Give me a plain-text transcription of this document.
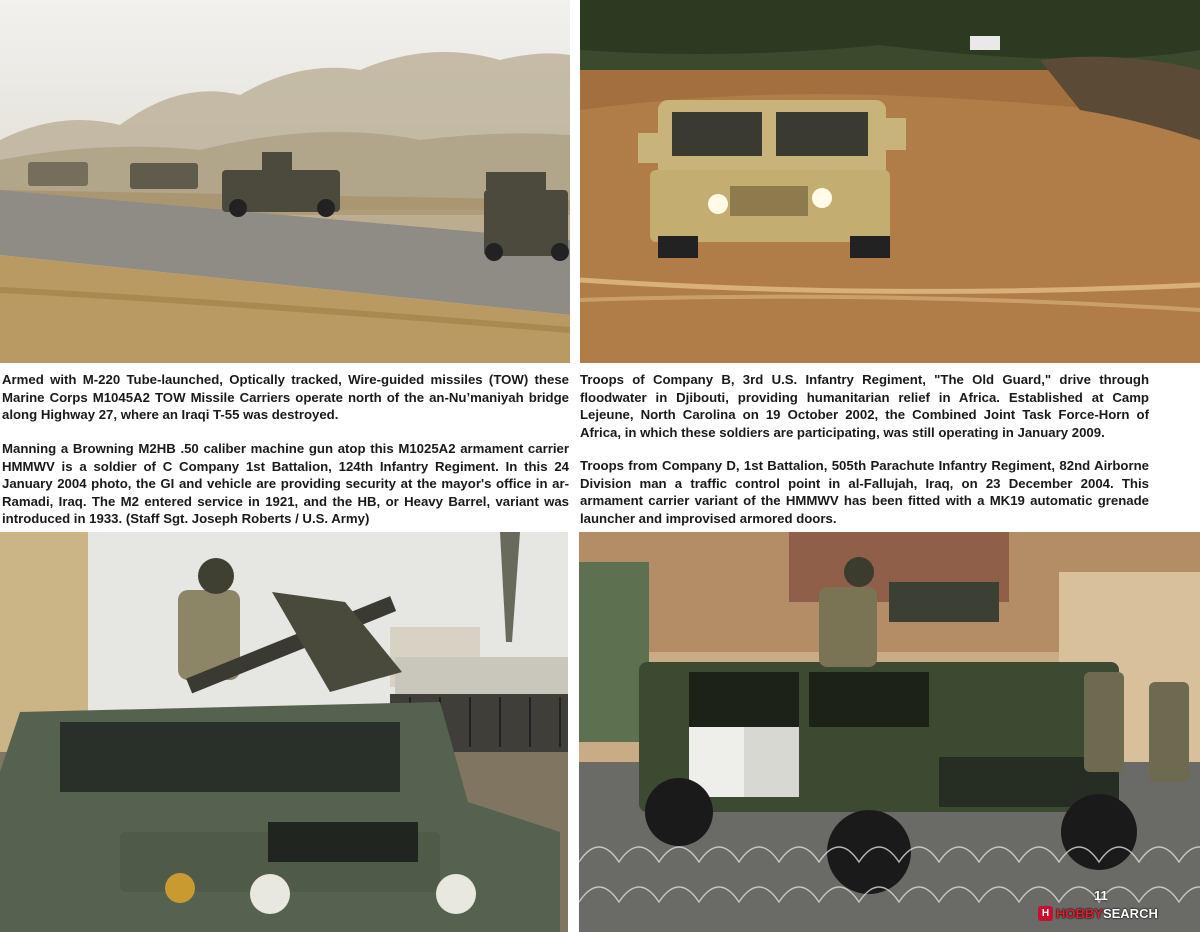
Armed with M-220 Tube-launched, Optically tracked, Wire-guided missiles (TOW) these Marine Corps M1045A2 TOW Missile Carriers operate north of the an-Nu’maniyah bridge along Highway 27, where an Iraqi T-55 was destroyed.

Manning a Browning M2HB .50 caliber machine gun atop this M1025A2 armament carrier HMMWV is a soldier of C Company 1st Battalion, 124th Infantry Regiment. In this 24 January 2004 photo, the GI and vehicle are providing security at the mayor's office in ar-Ramadi, Iraq. The M2 entered service in 1921, and the HB, or Heavy Barrel, variant was introduced in 1933. (Staff Sgt. Joseph Roberts / U.S. Army)

Troops of Company B, 3rd U.S. Infantry Regiment, "The Old Guard," drive through floodwater in Djibouti, providing humanitarian relief in Africa. Established at Camp Lejeune, North Carolina on 19 October 2002, the Combined Joint Task Force-Horn of Africa, in which these soldiers are participating, was still operating in January 2009.

Troops from Company D, 1st Battalion, 505th Parachute Infantry Regiment, 82nd Airborne Division man a traffic control point in al-Fallujah, Iraq, on 23 December 2004. This armament carrier variant of the HMMWV has been fitted with a MK19 automatic grenade launcher and improvised armored doors.

11
H HOBBYSEARCH
